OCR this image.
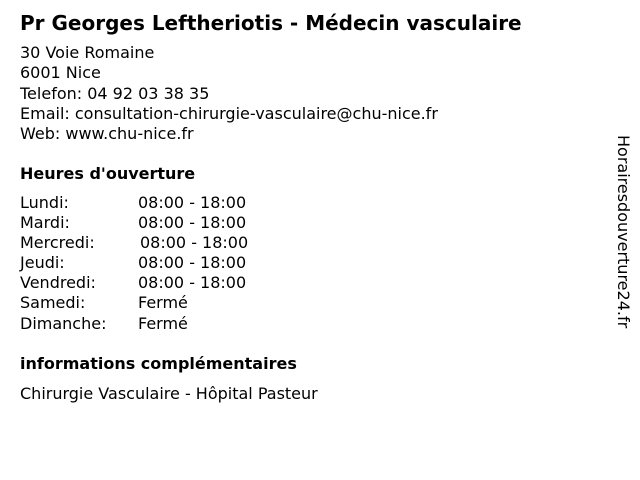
Pr Georges Leftheriotis - Médecin vasculaire
30 Voie Romaine
6001 Nice
Telefon: 04 92 03 38 35
Email: consultation-chirurgie-vasculaire@chu-nice.fr
Web: www.chu-nice.fr
Heures d'ouverture
Lundi:	08:00 - 18:00
Mardi:	08:00 - 18:00
Mercredi:	08:00 - 18:00
Jeudi:	08:00 - 18:00
Vendredi:	08:00 - 18:00
Samedi:	Fermé
Dimanche:	Fermé
informations complémentaires
Chirurgie Vasculaire - Hôpital Pasteur
Horairesdouverture24.fr
